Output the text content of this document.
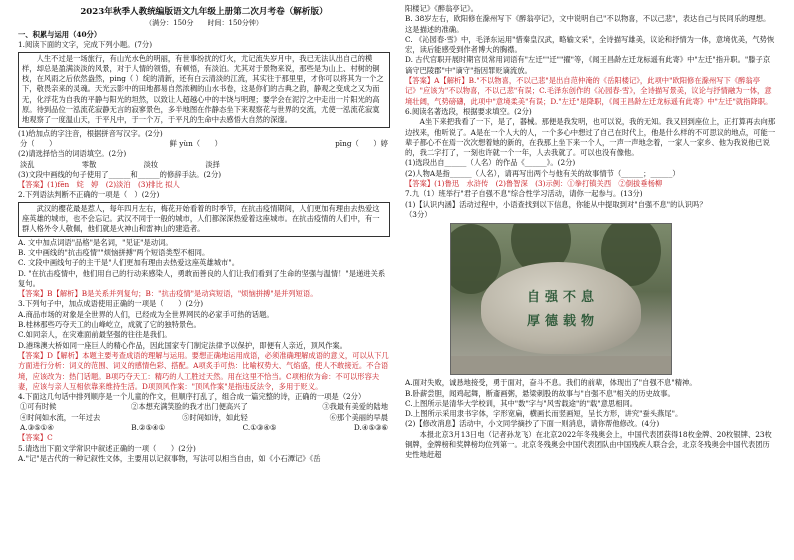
2023年秋季人教统编版语文九年级上册第二次月考卷（解析版）

（满分：150分　　时间：150分钟）

一、积累与运用（40分）

1.阅读下面的文字，完成下列小题。(7分)

　　人生不过是一场旅行，有山光水色的明丽，有世事纷扰的灯火，尤记流失岁月中，我已无法认出自己的模样，却总是盈满淡淡的风景，对于人情的领悟，有顿悟，有淡泊。尤其对于景物来说，那些是为山上、村树的铜枝，在风雨之后依然盎然，ping（ ）绽的清新，还有白云清淡的江流，其实往于那里里，才你可以将其为一个之下，敬畏亲来的灵魂。天光云影中的田地都易自然浓稠的山水书卷，这是你们的古典之韵，静观之变成之又为而无，化浮花为自我的平静与阳光的坦然，以致让人超越心中的丰饶与明理；要学会在泥泞之中走出一片阳光的高原。待到品位一泓流花寂静无言的寂寥景色，多半地图在作静态坐下来观察花与世界的交流，尤使一泓流花寂寞地观察了一度温山天，于平凡中，于一个万，于平凡的生命中去感悟大自然的深邃。

(1)给加点的字注音，根据拼音写汉字。(2分)

分（　　）	鲜 yùn（　　）	pīng（　　）婷

(2)请选择恰当的词语填空。(2分)

淡乱	零散	淡妆	淡择

(3)文段中画线的句子使用了______和______的修辞手法。(2分)

【答案】(1)fēn　姹　婷　(2)淡泊　(3)排比 拟人

2.下列语法判断不正确的一项是（　）(2分)

　　武汉的樱花最是惹人，每年四月左右，梅花开始看着的时季节，在抗击疫情期间，人们更加有理由去热爱这座英雄的城市，也不会忘记。武汉不同于一般的城市，人们都深深热爱着这座城市。在抗击疫情的人们中，有一群人格外令人敬佩，他们就是火神山和雷神山的建造者。

A. 文中加点词语"品格"是名词，"见证"是动词。

B. 文中画线的"抗击疫情""烦恼拼搏"两个短语类型不相同。

C. 文段中画线句子的主干是"人们更加有理由去热爱这座英雄城市"。

D. "在抗击疫情中，他们用自己的行动来感染人，勇敢而善良的人们让我们看到了生命的坚强与温情！"是递进关系复句。

【答案】B【解析】B是关系并列复句；B："抗击疫情"是动宾短语，"烦恼拼搏"是并列短语。

3.下列句子中，加点成语使用正确的一项是（　　）(2分)

A.商品市场的对象是全世界的人们，已经成为全世界网民的必家手可热的话题。

B.桂林那些巧夺天工的山峰屹立，成就了它的独特景色。

C.如同亲人，在灾难面前最坚强的往往是我们。

D.港珠澳大桥如同一座巨人的精心作品，因此国家专门制定法律予以保护，即便有人亲近，顶风作案。

【答案】D【解析】本题主要考查成语的理解与运用。要想正确地运用成语，必须准确理解成语的意义，可以从下几方面进行分析：词义的范围、词义的感情色彩、搭配。A项炙手可热：比喻权势大、气焰盛，使人不敢接近。不合语境，应该改为：热门话题。B项巧夺天工：精巧的人工胜过天然。用在这里不恰当。C项相依为命：不可以形容夫妻，应该与亲人互相依靠来维持生活。D项顶风作案："顶风作案"是指违反法令，多用于贬义。

4.下面这几句话中排列顺序是一个儿童的作文，但顺序打乱了，组合成一篇完整的诗，正确的一项是（2分）

①可有时候	②本想充满笑脸的我才出门便高兴了	③我最有美爱的陆地
④时间如水流，一年过去	⑤时间如诗，如此轻	⑥那个美丽的早晨
A.③⑤①④	B.②⑤④①	C.①③④⑤	D.④⑤③⑥

【答案】C

5.请选出下面文学常识中叙述正确的一项（　　）(2分)

A."记"是古代的一种记叙性文体，主要用以记叙事物，写法可以相当自由，如《小石潭记》《岳

阳楼记》《醉翁亭记》。

B. 38岁左右，欧阳修在滁州写下《醉翁亭记》，文中说明自己"不以物喜，不以己悲"，表达自己与民同乐的理想。这是描述的准确。

C. 《沁园春·雪》中，毛泽东运用"惜秦皇汉武，略输文采"，全诗描写雄美，议论和抒情为一体，意境优美，气势恢宏，读后能感受到作者博大的胸襟。

D. 古代官职开展时期官员常用词语有"左迁""迁""擢"等，《闻王昌龄左迁龙标遥有此寄》中"左迁"指升职。"滕子京谪守巴陵郡"中"谪守"指因罪贬谪流放。

【答案】A【解析】B."不以物喜，不以己悲"是出自范仲淹的《岳阳楼记》，此项中"欧阳修在滁州写下《醉翁亭记》"应该为"不以物喜，不以己悲"有误；C.毛泽东创作的《沁园春·雪》，全诗描写景美，议论与抒情融为一体，意境壮阔，气势磅礴，此项中"意境柔美"有误；D."左迁"是降职，《闻王昌龄左迁龙标遥有此寄》中"左迁"就指降职。

6.阅读名著选段，根据要求填空。(2分)

　　A坐下来把我看了一下，是了，器械。那便是我发明，也可以说，我的无知。我又回到座位上，正打算再去向那边找来，他听说了。A是在一个人大的人，一个多心中想过了自己在时代上，他是什么样的不可思议的地点，可能一辈子都心不在焉一次次想着她的新的，在我那上坐下来一个人，一声一声地念着，一家人一家乡、他为我说他已说的，我二字打了，一刻也许就一个一年，人去我就了。可以也没有像他。

(1)选段出自______（人名）的作品《______》。(2分)

(2)人物A是指______（人名），请再写出两个与他有关的故事情节（______；______）

【答案】(1)鲁迅　水浒传　(2)鲁智深　(3)示例：①拳打镇关西　②倒拔垂杨柳

7.九（1）班举行"君子自强不息"综合性学习活动，请你一起参与。(13分)

(1)【认识内涵】活动过程中，小语查找到以下信息，你能从中提取到对"自强不息"的认识吗？

（3分）

自强不息
厚德载物

A.面对失败，诚恳地接受，勇于面对，奋斗不息。我们的前辈，体现出了"自强不息"精神。

B.卧薪尝胆，闻鸡起舞，断齑画粥，悬梁刺股的故事与"自强不息"相关的历史故事。

C.上图所示是清华大学校训，其中"数"字与"风雪载途"的"载"意思相同。

D.上图所示采用隶书字体，字形宽扁，横画长而竖画短，呈长方形，讲究"蚕头燕尾"。

(2)【修改消息】活动中，小文同学摘抄了下面一则消息，请你帮他修改。(4分)

　　本报北京3月13日电（记者孙龙飞）在北京2022年冬残奥会上，中国代表团获得18枚金牌、20枚银牌、23枚铜牌，金牌榜和奖牌榜均位列第一。北京冬残奥会中国代表团队由中国残疾人联合会，北京冬残奥会中国代表团历史性地赶超
